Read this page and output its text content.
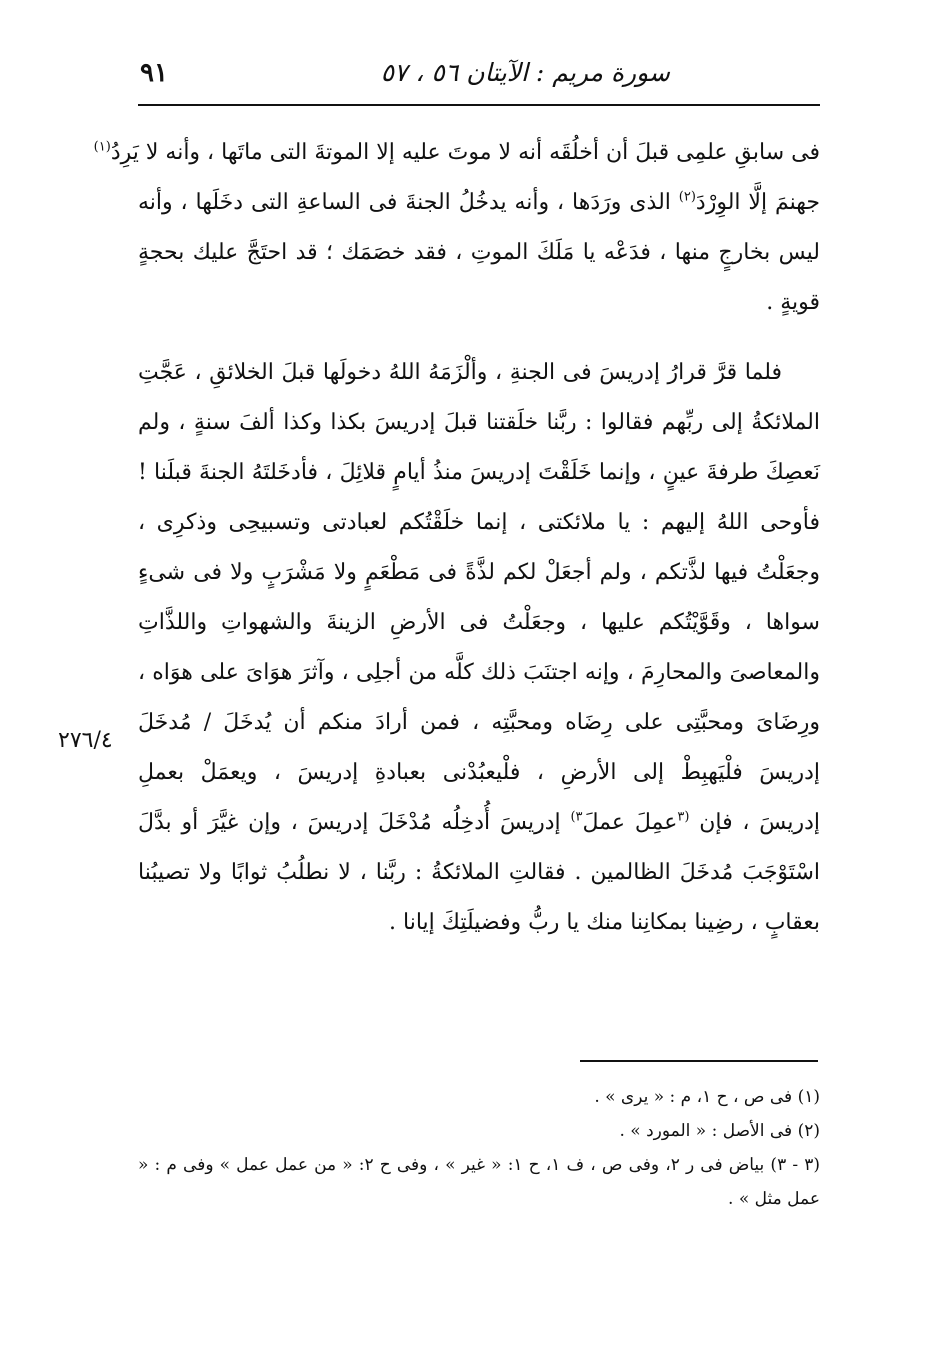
سورة مريم : الآيتان ٥٦ ، ٥٧
٩١

فى سابقِ علمِى قبلَ أن أخلُقَه أنه لا موتَ عليه إلا الموتةَ التى ماتَها ، وأنه لا يَرِدُ$^{(١)}$
جهنمَ إلَّا الوِرْدَ$^{(٢)}$ الذى ورَدَها ، وأنه يدخُلُ الجنةَ فى الساعةِ التى دخَلَها ، وأنه
ليس بخارجٍ منها ، فدَعْه يا مَلَكَ الموتِ ، فقد خصَمَك ؛ قد احتَجَّ عليك بحجةٍ
قويةٍ .

فلما قرَّ قرارُ إدريسَ فى الجنةِ ، وألْزَمَهُ اللهُ دخولَها قبلَ الخلائقِ ، عَجَّتِ
الملائكةُ إلى ربِّهم فقالوا : ربَّنا خلَقتنا قبلَ إدريسَ بكذا وكذا ألفَ سنةٍ ، ولم
نَعصِكَ طرفةَ عينٍ ، وإنما خَلَقْتَ إدريسَ منذُ أيامٍ قلائِلَ ، فأدخَلتَهُ الجنةَ قبلَنا !
فأوحى اللهُ إليهم : يا ملائكتى ، إنما خلَقْتُكم لعبادتى وتسبيحِى وذكرِى ،
وجعَلْتُ فيها لذَّتكم ، ولم أجعَلْ لكم لذَّةً فى مَطْعَمٍ ولا مَشْرَبٍ ولا فى شىءٍ
سواها ، وقَوَّيْتُكم عليها ، وجعَلْتُ فى الأرضِ الزينةَ والشهواتِ واللذَّاتِ
والمعاصىَ والمحارِمَ ، وإنه اجتنَبَ ذلك كلَّه من أجلِى ، وآثرَ هوَاىَ على هوَاه ،
ورِضَاىَ ومحبَّتِى على رِضَاه ومحبَّتِه ، فمن أرادَ منكم أن يُدخَلَ / مُدخَلَ
إدريسَ فلْيَهبِطْ إلى الأرضِ ، فلْيعبُدْنى بعبادةِ إدريسَ ، ويعمَلْ بعملِ
إدريسَ ، فإن $^{(٣}$عمِلَ عملَ$^{٣)}$ إدريسَ أُدخِلُه مُدْخَلَ إدريسَ ، وإن غيَّرَ أو بدَّلَ
اسْتَوْجَبَ مُدخَلَ الظالمين . فقالتِ الملائكةُ : ربَّنا ، لا نطلُبُ ثوابًا ولا تصيبُنا
بعقابٍ ، رضِينا بمكانِنا منك يا ربُّ وفضيلَتِكَ إيانا .

٢٧٦/٤
(١) فى ص ، ح ١، م : « يرى » .
(٢) فى الأصل : « المورد » .
(٣ - ٣) بياض فى ر ٢، وفى ص ، ف ١، ح ١: « غير » ، وفى ح ٢: « من عمل عمل » وفى م : « عمل مثل » .
